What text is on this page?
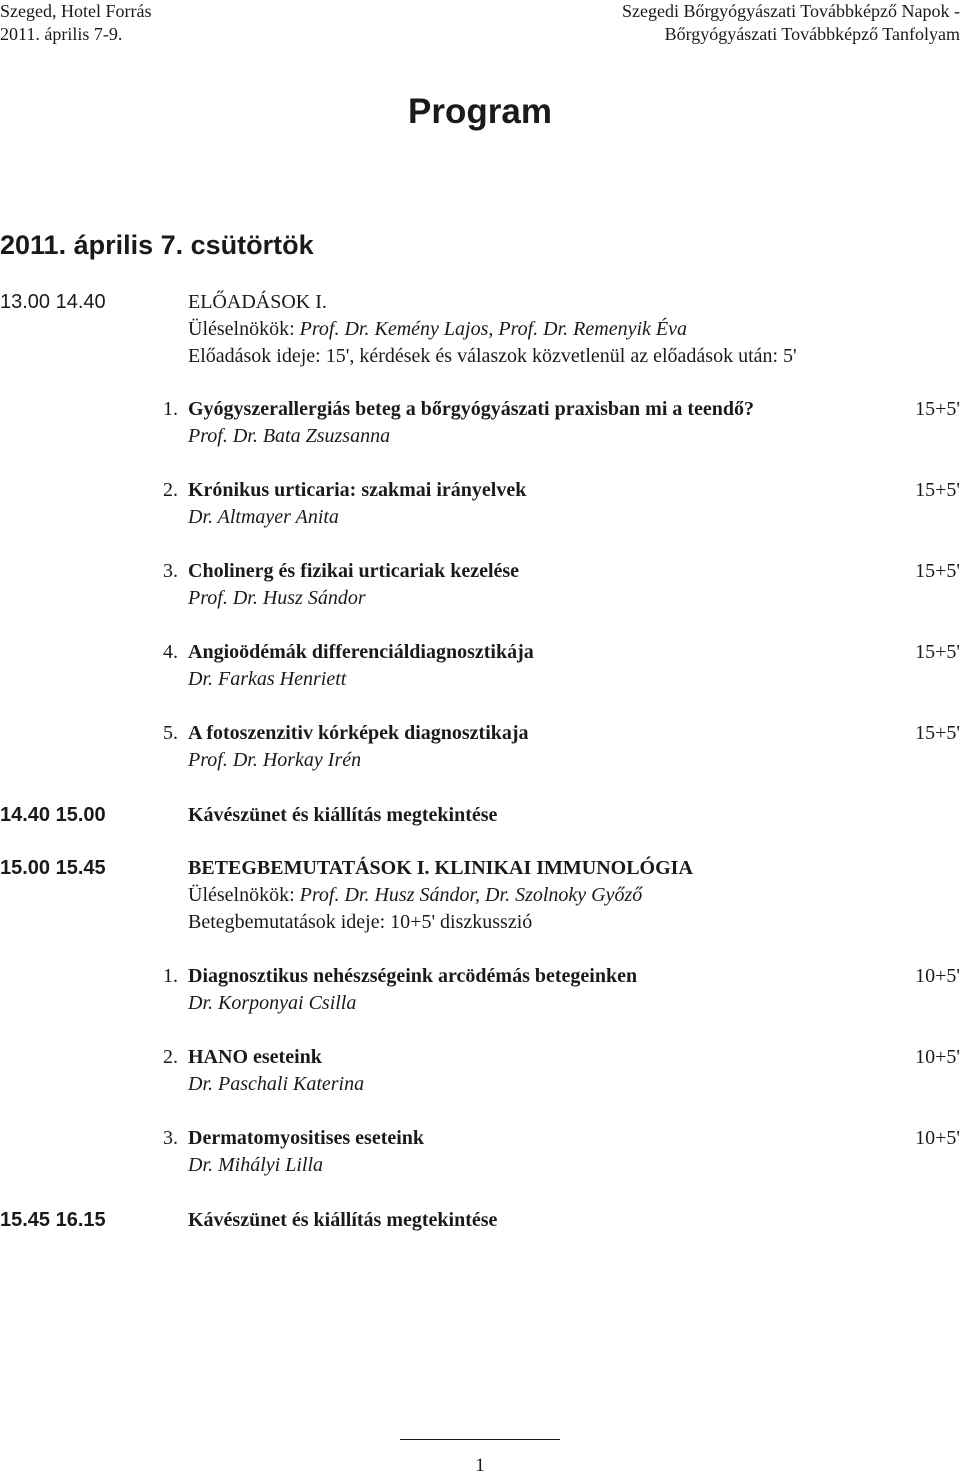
Szeged, Hotel Forrás
2011. április 7-9.
Szegedi Bőrgyógyászati Továbbképző Napok -
Bőrgyógyászati Továbbképző Tanfolyam
Program
2011. április 7. csütörtök
13.00 14.40	ELŐADÁSOK I.
Üléselnökök: Prof. Dr. Kemény Lajos, Prof. Dr. Remenyik Éva
Előadások ideje: 15', kérdések és válaszok közvetlenül az előadások után: 5'
1. Gyógyszerallergiás beteg a bőrgyógyászati praxisban mi a teendő?	15+5'
Prof. Dr. Bata Zsuzsanna
2. Krónikus urticaria: szakmai irányelvek	15+5'
Dr. Altmayer Anita
3. Cholinerg és fizikai urticariak kezelése	15+5'
Prof. Dr. Husz Sándor
4. Angioödémák differenciáldiagnosztikája	15+5'
Dr. Farkas Henriett
5. A fotoszenzitiv kórképek diagnosztikaja	15+5'
Prof. Dr. Horkay Irén
14.40 15.00	Kávészünet és kiállítás megtekintése
15.00 15.45	BETEGBEMUTATÁSOK I. KLINIKAI IMMUNOLÓGIA
Üléselnökök: Prof. Dr. Husz Sándor, Dr. Szolnoky Győző
Betegbemutatások ideje: 10+5' diszkusszió
1. Diagnosztikus nehészségeink arcödémás betegeinken	10+5'
Dr. Korponyai Csilla
2. HANO eseteink	10+5'
Dr. Paschali Katerina
3. Dermatomyositises eseteink	10+5'
Dr. Mihályi Lilla
15.45 16.15	Kávészünet és kiállítás megtekintése
1
